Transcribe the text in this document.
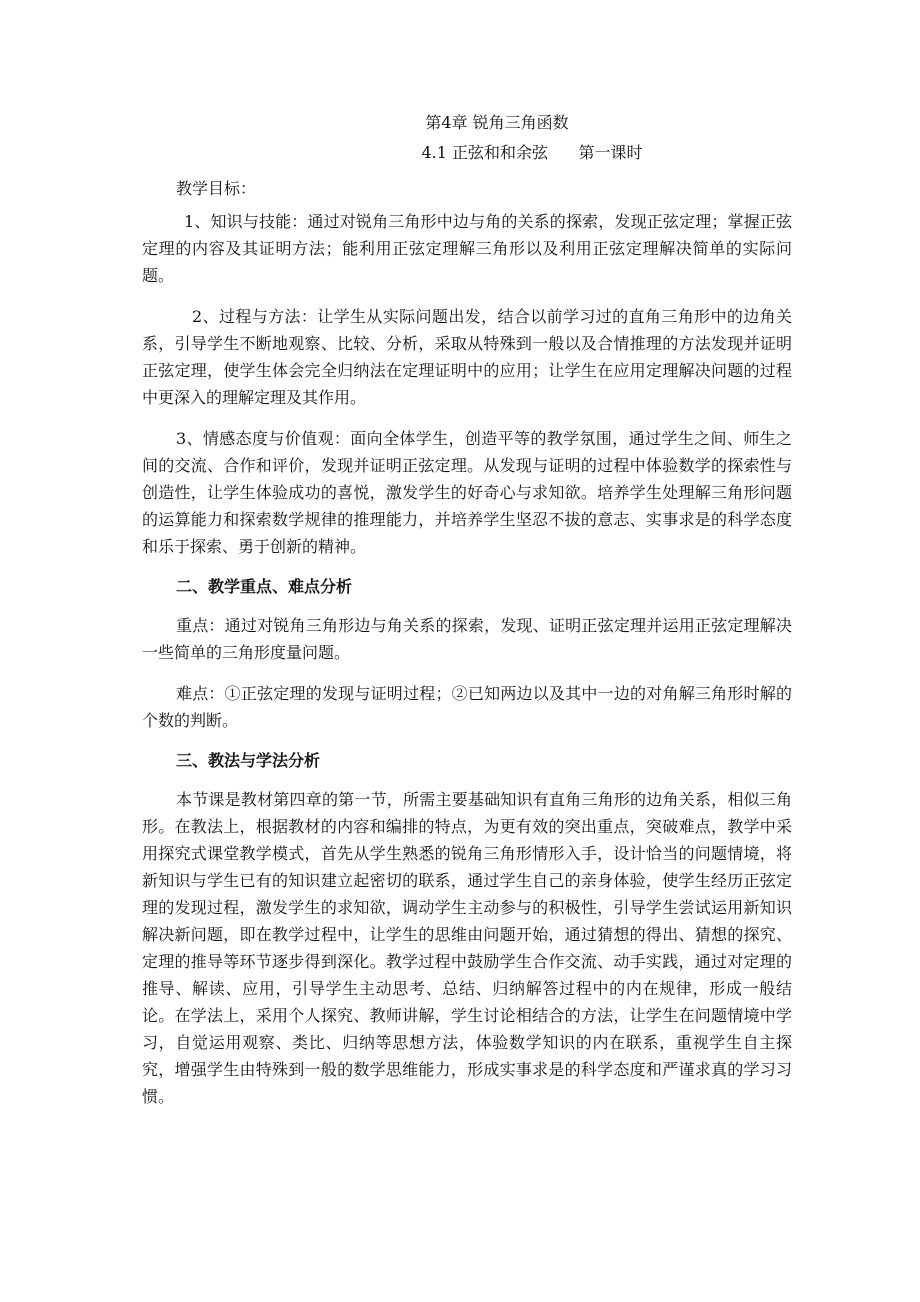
第4章 锐角三角函数

4.1 正弦和和余弦      第一课时

教学目标：

1、知识与技能：通过对锐角三角形中边与角的关系的探索，发现正弦定理；掌握正弦定理的内容及其证明方法；能利用正弦定理解三角形以及利用正弦定理解决简单的实际问题。

2、过程与方法：让学生从实际问题出发，结合以前学习过的直角三角形中的边角关系，引导学生不断地观察、比较、分析，采取从特殊到一般以及合情推理的方法发现并证明正弦定理，使学生体会完全归纳法在定理证明中的应用；让学生在应用定理解决问题的过程中更深入的理解定理及其作用。

3、情感态度与价值观：面向全体学生，创造平等的教学氛围，通过学生之间、师生之间的交流、合作和评价，发现并证明正弦定理。从发现与证明的过程中体验数学的探索性与创造性，让学生体验成功的喜悦，激发学生的好奇心与求知欲。培养学生处理解三角形问题的运算能力和探索数学规律的推理能力，并培养学生坚忍不拔的意志、实事求是的科学态度和乐于探索、勇于创新的精神。

二、教学重点、难点分析

重点：通过对锐角三角形边与角关系的探索，发现、证明正弦定理并运用正弦定理解决一些简单的三角形度量问题。

难点：①正弦定理的发现与证明过程；②已知两边以及其中一边的对角解三角形时解的个数的判断。

三、教法与学法分析

本节课是教材第四章的第一节，所需主要基础知识有直角三角形的边角关系，相似三角形。在教法上，根据教材的内容和编排的特点，为更有效的突出重点，突破难点，教学中采用探究式课堂教学模式，首先从学生熟悉的锐角三角形情形入手，设计恰当的问题情境，将新知识与学生已有的知识建立起密切的联系，通过学生自己的亲身体验，使学生经历正弦定理的发现过程，激发学生的求知欲，调动学生主动参与的积极性，引导学生尝试运用新知识解决新问题，即在教学过程中，让学生的思维由问题开始，通过猜想的得出、猜想的探究、定理的推导等环节逐步得到深化。教学过程中鼓励学生合作交流、动手实践，通过对定理的推导、解读、应用，引导学生主动思考、总结、归纳解答过程中的内在规律，形成一般结论。在学法上，采用个人探究、教师讲解，学生讨论相结合的方法，让学生在问题情境中学习，自觉运用观察、类比、归纳等思想方法，体验数学知识的内在联系，重视学生自主探究，增强学生由特殊到一般的数学思维能力，形成实事求是的科学态度和严谨求真的学习习惯。
